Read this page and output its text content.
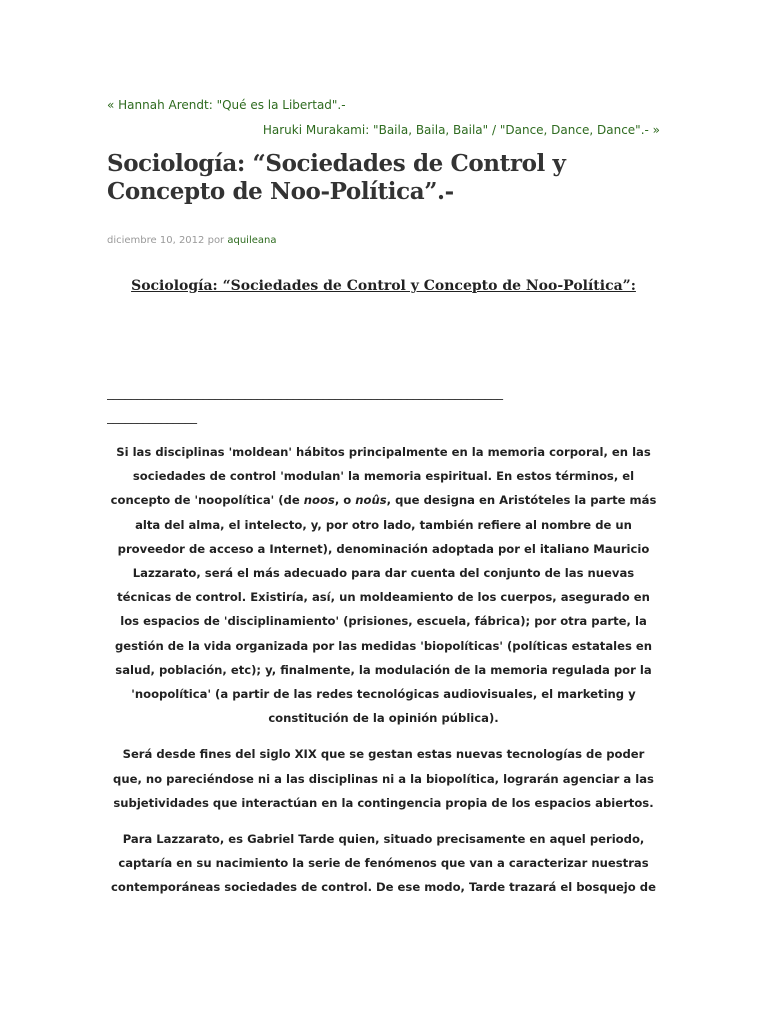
« Hannah Arendt: "Qué es la Libertad".-
Haruki Murakami: "Baila, Baila, Baila" / "Dance, Dance, Dance".- »
Sociología: “Sociedades de Control y Concepto de Noo-Política”.-
diciembre 10, 2012 por aquileana
Sociología: “Sociedades de Control y Concepto de Noo-Política”:
__________________________________________________________________
_______________

Si las disciplinas 'moldean' hábitos principalmente en la memoria corporal, en las sociedades de control 'modulan' la memoria espiritual. En estos términos, el concepto de 'noopolítica' (de noos, o noûs, que designa en Aristóteles la parte más alta del alma, el intelecto, y, por otro lado, también refiere al nombre de un proveedor de acceso a Internet), denominación adoptada por el italiano Mauricio Lazzarato, será el más adecuado para dar cuenta del conjunto de las nuevas técnicas de control. Existiría, así, un moldeamiento de los cuerpos, asegurado en los espacios de 'disciplinamiento' (prisiones, escuela, fábrica); por otra parte, la gestión de la vida organizada por las medidas 'biopolíticas' (políticas estatales en salud, población, etc); y, finalmente, la modulación de la memoria regulada por la 'noopolítica' (a partir de las redes tecnológicas audiovisuales, el marketing y constitución de la opinión pública).

Será desde fines del siglo XIX que se gestan estas nuevas tecnologías de poder que, no pareciéndose ni a las disciplinas ni a la biopolítica, lograrán agenciar a las subjetividades que interactúan en la contingencia propia de los espacios abiertos.

Para Lazzarato, es Gabriel Tarde quien, situado precisamente en aquel periodo, captaría en su nacimiento la serie de fenómenos que van a caracterizar nuestras contemporáneas sociedades de control. De ese modo, Tarde trazará el bosquejo de
